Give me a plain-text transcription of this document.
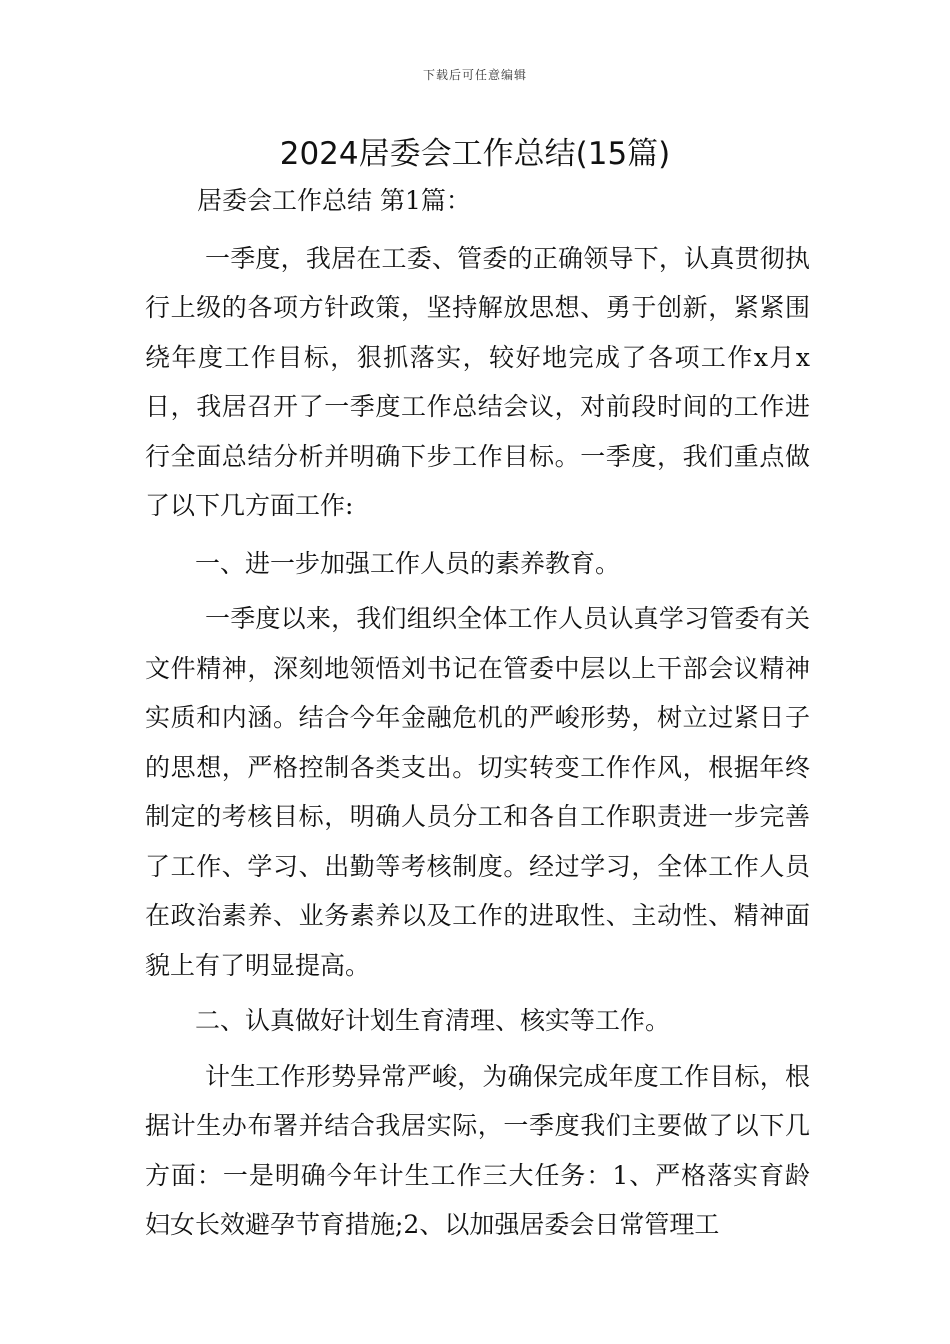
下载后可任意编辑
2024居委会工作总结(15篇)

居委会工作总结 第1篇：

一季度，我居在工委、管委的正确领导下，认真贯彻执行上级的各项方针政策，坚持解放思想、勇于创新，紧紧围绕年度工作目标，狠抓落实，较好地完成了各项工作x月x日，我居召开了一季度工作总结会议，对前段时间的工作进行全面总结分析并明确下步工作目标。一季度，我们重点做了以下几方面工作:

一、进一步加强工作人员的素养教育。

一季度以来，我们组织全体工作人员认真学习管委有关文件精神，深刻地领悟刘书记在管委中层以上干部会议精神实质和内涵。结合今年金融危机的严峻形势，树立过紧日子的思想，严格控制各类支出。切实转变工作作风，根据年终制定的考核目标，明确人员分工和各自工作职责进一步完善了工作、学习、出勤等考核制度。经过学习，全体工作人员在政治素养、业务素养以及工作的进取性、主动性、精神面貌上有了明显提高。

二、认真做好计划生育清理、核实等工作。

计生工作形势异常严峻，为确保完成年度工作目标，根据计生办布署并结合我居实际，一季度我们主要做了以下几方面：一是明确今年计生工作三大任务：1、严格落实育龄妇女长效避孕节育措施;2、以加强居委会日常管理工
